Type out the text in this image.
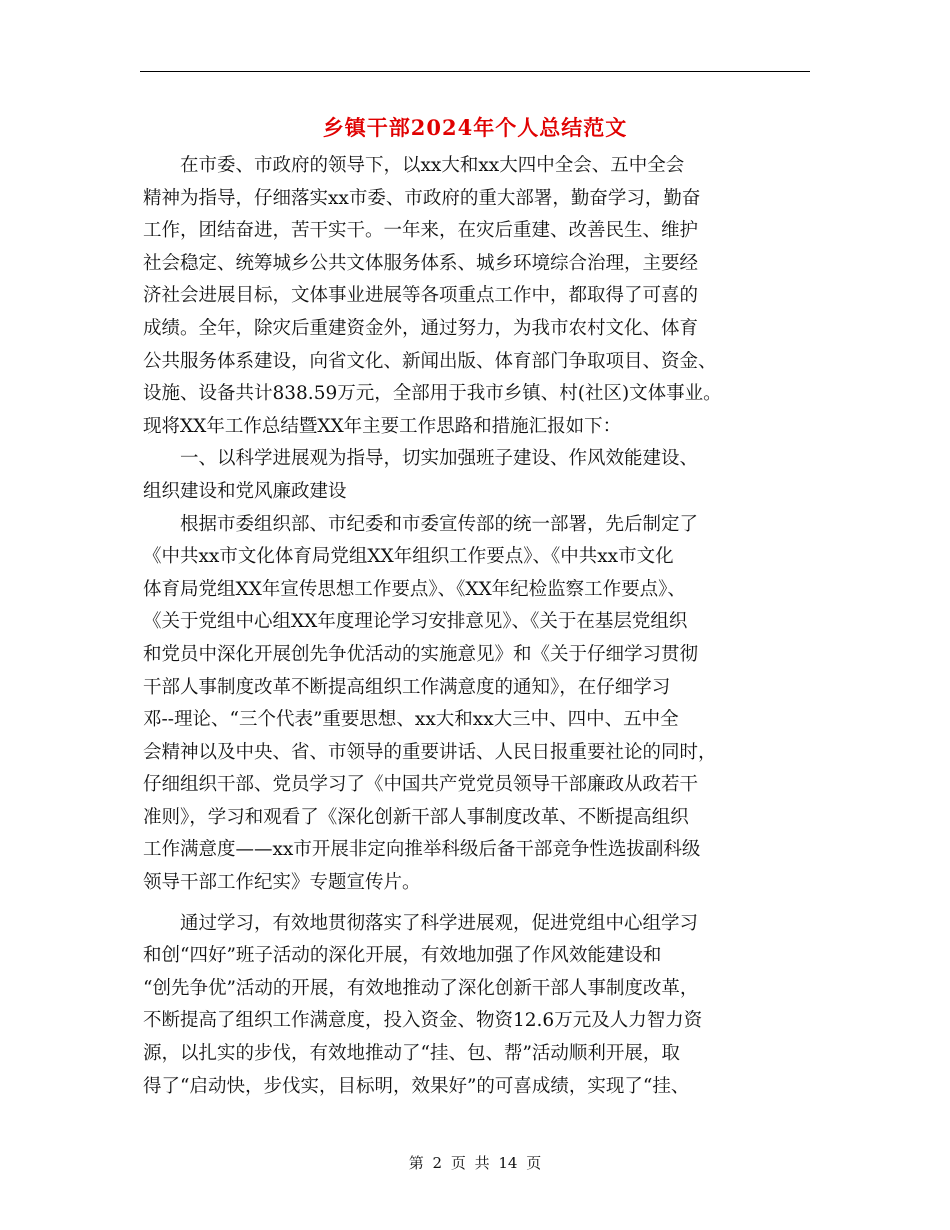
乡镇干部2024年个人总结范文
　　在市委、市政府的领导下，以xx大和xx大四中全会、五中全会
精神为指导，仔细落实xx市委、市政府的重大部署，勤奋学习，勤奋
工作，团结奋进，苦干实干。一年来，在灾后重建、改善民生、维护
社会稳定、统筹城乡公共文体服务体系、城乡环境综合治理，主要经
济社会进展目标，文体事业进展等各项重点工作中，都取得了可喜的
成绩。全年，除灾后重建资金外，通过努力，为我市农村文化、体育
公共服务体系建设，向省文化、新闻出版、体育部门争取项目、资金、
设施、设备共计838.59万元，全部用于我市乡镇、村(社区)文体事业。
现将XX年工作总结暨XX年主要工作思路和措施汇报如下：
　　一、以科学进展观为指导，切实加强班子建设、作风效能建设、
组织建设和党风廉政建设
　　根据市委组织部、市纪委和市委宣传部的统一部署，先后制定了
《中共xx市文化体育局党组XX年组织工作要点》、《中共xx市文化
体育局党组XX年宣传思想工作要点》、《XX年纪检监察工作要点》、
《关于党组中心组XX年度理论学习安排意见》、《关于在基层党组织
和党员中深化开展创先争优活动的实施意见》和《关于仔细学习贯彻
干部人事制度改革不断提高组织工作满意度的通知》，在仔细学习
邓--理论、“三个代表”重要思想、xx大和xx大三中、四中、五中全
会精神以及中央、省、市领导的重要讲话、人民日报重要社论的同时，
仔细组织干部、党员学习了《中国共产党党员领导干部廉政从政若干
准则》，学习和观看了《深化创新干部人事制度改革、不断提高组织
工作满意度——xx市开展非定向推举科级后备干部竞争性选拔副科级
领导干部工作纪实》专题宣传片。
　　通过学习，有效地贯彻落实了科学进展观，促进党组中心组学习
和创“四好”班子活动的深化开展，有效地加强了作风效能建设和
“创先争优”活动的开展，有效地推动了深化创新干部人事制度改革，
不断提高了组织工作满意度，投入资金、物资12.6万元及人力智力资
源，以扎实的步伐，有效地推动了“挂、包、帮”活动顺利开展，取
得了“启动快，步伐实，目标明，效果好”的可喜成绩，实现了“挂、
第 2 页 共 14 页
